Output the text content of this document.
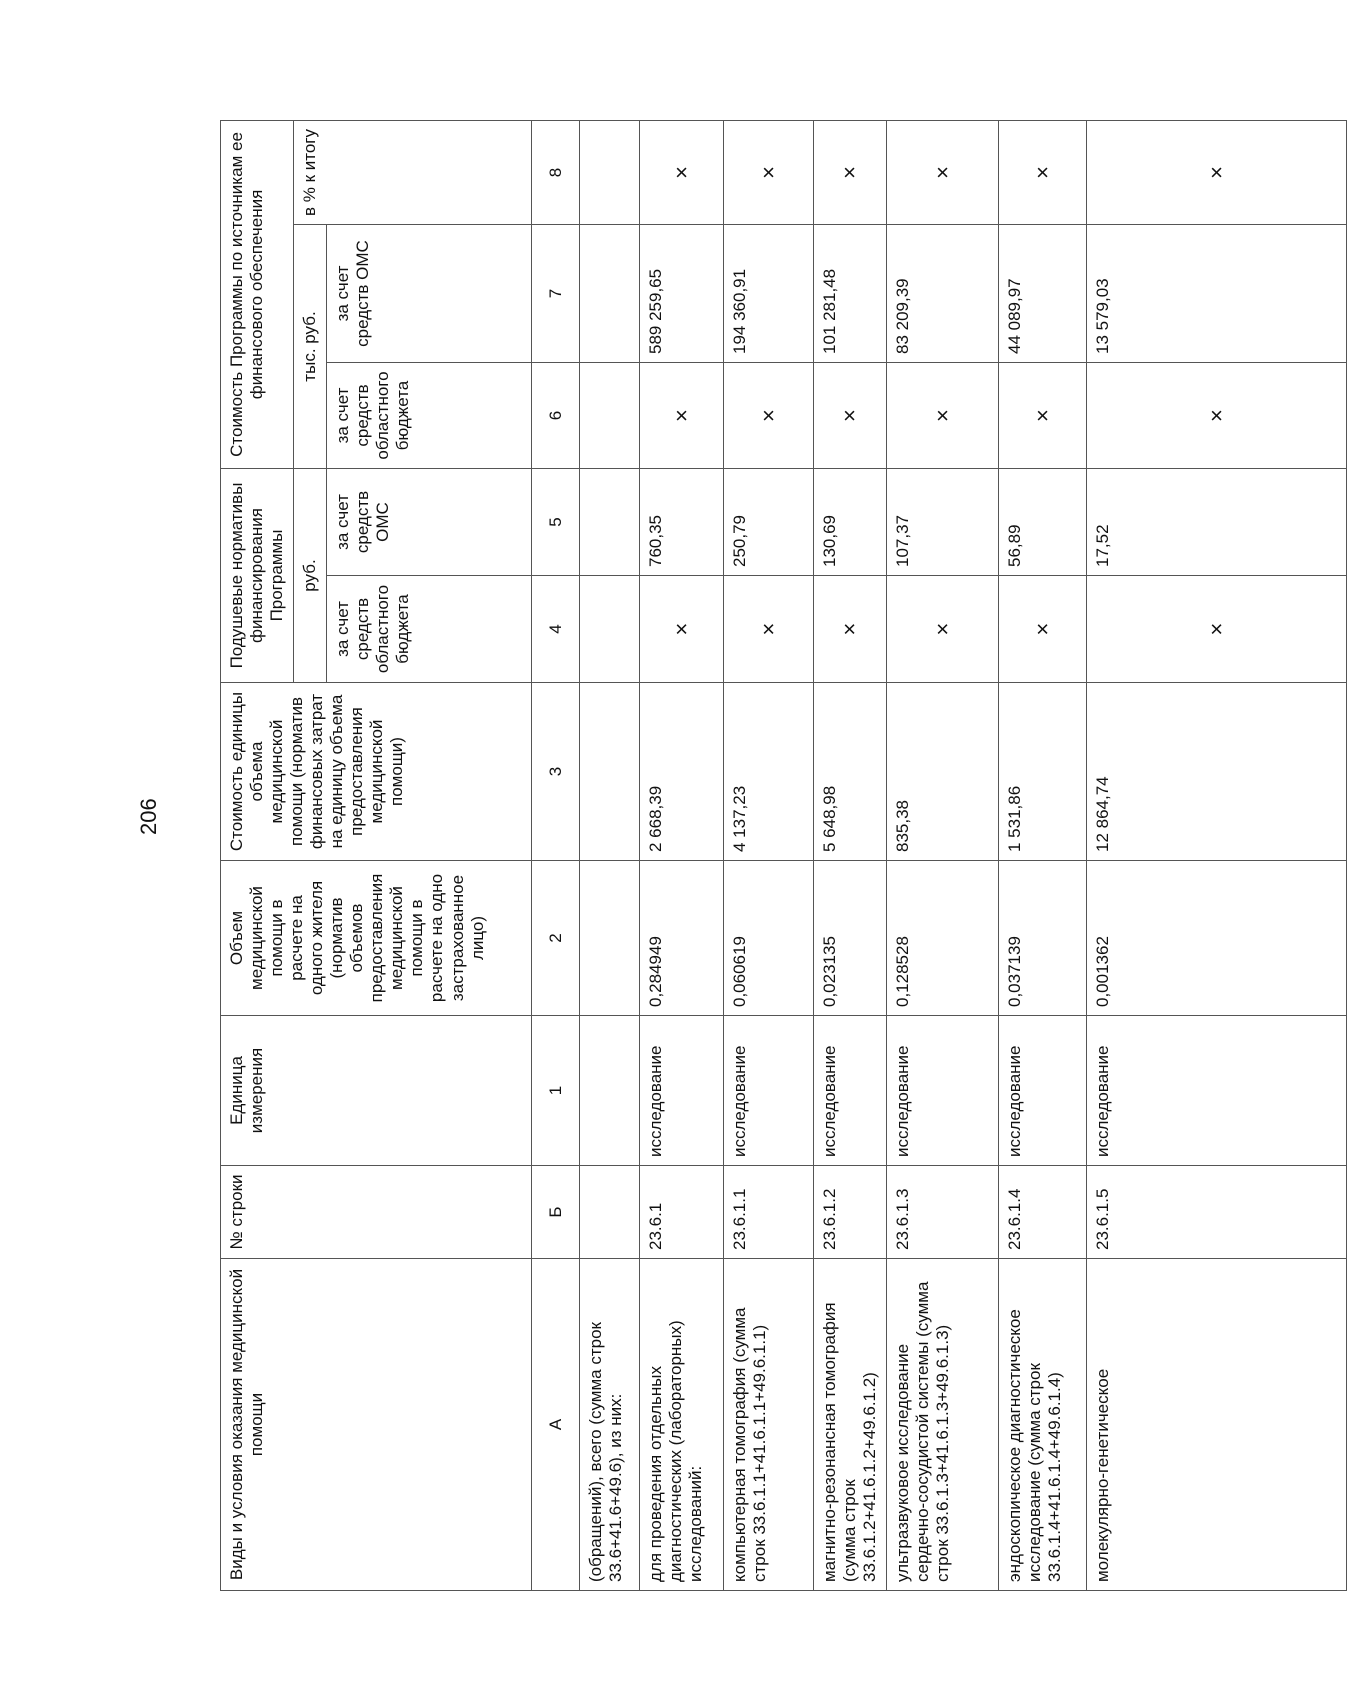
206
Виды и условия оказания медицинской помощи	№ строки	Единица измерения	Объем медицинской помощи в расчете на одного жителя (норматив объемов предоставления медицинской помощи в расчете на одно застрахованное лицо)	Стоимость единицы объема медицинской помощи (норматив финансовых затрат на единицу объема предоставления медицинской помощи)	Подушевые нормативы финансирования Программы		Стоимость Программы по источникам ее финансового обеспечения		
					руб.		тыс. руб.		в % к итогу
					за счет средств областного бюджета	за счет средств ОМС	за счет средств областного бюджета	за счет средств ОМС	
А	Б	1	2	3	4	5	6	7	8
(обращений), всего (сумма строк 33.6+41.6+49.6), из них:									
для проведения отдельных диагностических (лабораторных) исследований:	23.6.1	исследование	0,284949	2 668,39	×	760,35	×	589 259,65	×
компьютерная томография (сумма строк 33.6.1.1+41.6.1.1+49.6.1.1)	23.6.1.1	исследование	0,060619	4 137,23	×	250,79	×	194 360,91	×
магнитно-резонансная томография (сумма строк 33.6.1.2+41.6.1.2+49.6.1.2)	23.6.1.2	исследование	0,023135	5 648,98	×	130,69	×	101 281,48	×
ультразвуковое исследование сердечно-сосудистой системы (сумма строк 33.6.1.3+41.6.1.3+49.6.1.3)	23.6.1.3	исследование	0,128528	835,38	×	107,37	×	83 209,39	×
эндоскопическое диагностическое исследование (сумма строк 33.6.1.4+41.6.1.4+49.6.1.4)	23.6.1.4	исследование	0,037139	1 531,86	×	56,89	×	44 089,97	×
молекулярно-генетическое	23.6.1.5	исследование	0,001362	12 864,74	×	17,52	×	13 579,03	×
